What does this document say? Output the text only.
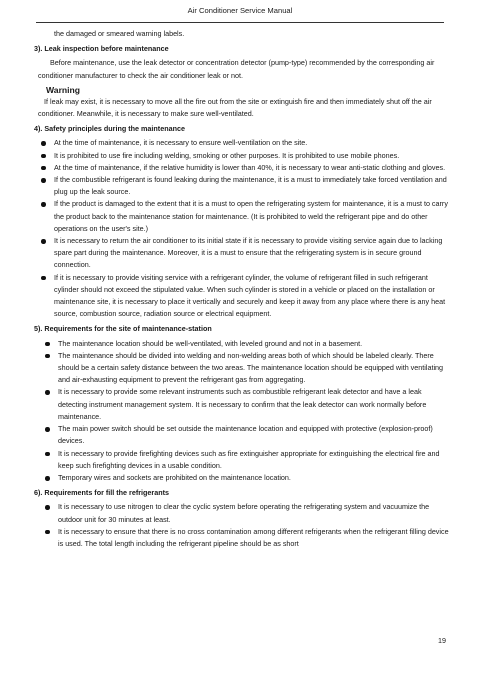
Air Conditioner Service Manual

the damaged or smeared warning labels.

3). Leak inspection before maintenance

Before maintenance, use the leak detector or concentration detector (pump-type) recommended by the corresponding air conditioner manufacturer to check the air conditioner leak or not.

Warning

If leak may exist, it is necessary to move all the fire out from the site or extinguish fire and then immediately shut off the air conditioner. Meanwhile, it is necessary to make sure well-ventilated.

4). Safety principles during the maintenance

At the time of maintenance, it is necessary to ensure well-ventilation on the site.
It is prohibited to use fire including welding, smoking or other purposes. It is prohibited to use mobile phones.
At the time of maintenance, if the relative humidity is lower than 40%, it is necessary to wear anti-static clothing and gloves.
If the combustible refrigerant is found leaking during the maintenance, it is a must to immediately take forced ventilation and plug up the leak source.
If the product is damaged to the extent that it is a must to open the refrigerating system for maintenance, it is a must to carry the product back to the maintenance station for maintenance. (It is prohibited to weld the refrigerant pipe and do other operations on the user's site.)
It is necessary to return the air conditioner to its initial state if it is necessary to provide visiting service again due to lacking spare part during the maintenance. Moreover, it is a must to ensure that the refrigerating system is in secure ground connection.
If it is necessary to provide visiting service with a refrigerant cylinder, the volume of refrigerant filled in such refrigerant cylinder should not exceed the stipulated value. When such cylinder is stored in a vehicle or placed on the installation or maintenance site, it is necessary to place it vertically and securely and keep it away from any place where there is any heat source, combustion source, radiation source or electrical equipment.

5). Requirements for the site of maintenance-station

The maintenance location should be well-ventilated, with leveled ground and not in a basement.
The maintenance should be divided into welding and non-welding areas both of which should be labeled clearly. There should be a certain safety distance between the two areas. The maintenance location should be equipped with ventilating and air-exhausting equipment to prevent the refrigerant gas from aggregating.
It is necessary to provide some relevant instruments such as combustible refrigerant leak detector and have a leak detecting instrument management system. It is necessary to confirm that the leak detector can work normally before maintenance.
The main power switch should be set outside the maintenance location and equipped with protective (explosion-proof) devices.
It is necessary to provide firefighting devices such as fire extinguisher appropriate for extinguishing the electrical fire and keep such firefighting devices in a usable condition.
Temporary wires and sockets are prohibited on the maintenance location.

6). Requirements for fill the refrigerants

It is necessary to use nitrogen to clear the cyclic system before operating the refrigerating system and vacuumize the outdoor unit for 30 minutes at least.
It is necessary to ensure that there is no cross contamination among different refrigerants when the refrigerant filling device is used. The total length including the refrigerant pipeline should be as short
19
